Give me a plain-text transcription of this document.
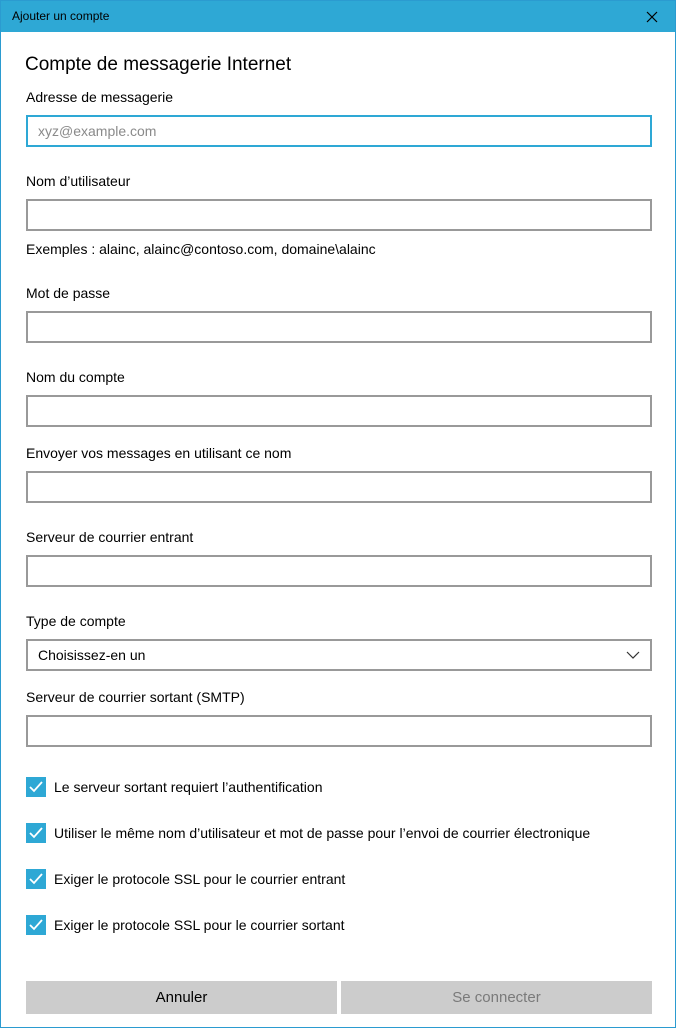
Ajouter un compte
Compte de messagerie Internet
Adresse de messagerie
xyz@example.com
Nom d’utilisateur
Exemples : alainc, alainc@contoso.com, domaine\alainc
Mot de passe
Nom du compte
Envoyer vos messages en utilisant ce nom
Serveur de courrier entrant
Type de compte
Choisissez-en un
Serveur de courrier sortant (SMTP)
Le serveur sortant requiert l’authentification
Utiliser le même nom d’utilisateur et mot de passe pour l’envoi de courrier électronique
Exiger le protocole SSL pour le courrier entrant
Exiger le protocole SSL pour le courrier sortant
Annuler	Se connecter
